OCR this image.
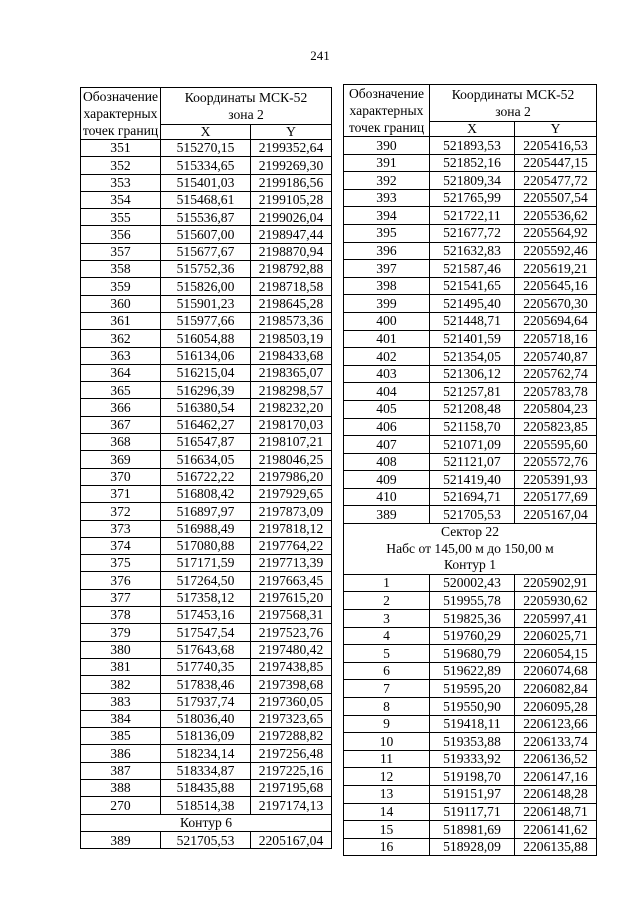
241
Обозначение
характерных
точек границ	Координаты МСК-52
зона 2	

	X	Y
351	515270,15	2199352,64
352	515334,65	2199269,30
353	515401,03	2199186,56
354	515468,61	2199105,28
355	515536,87	2199026,04
356	515607,00	2198947,44
357	515677,67	2198870,94
358	515752,36	2198792,88
359	515826,00	2198718,58
360	515901,23	2198645,28
361	515977,66	2198573,36
362	516054,88	2198503,19
363	516134,06	2198433,68
364	516215,04	2198365,07
365	516296,39	2198298,57
366	516380,54	2198232,20
367	516462,27	2198170,03
368	516547,87	2198107,21
369	516634,05	2198046,25
370	516722,22	2197986,20
371	516808,42	2197929,65
372	516897,97	2197873,09
373	516988,49	2197818,12
374	517080,88	2197764,22
375	517171,59	2197713,39
376	517264,50	2197663,45
377	517358,12	2197615,20
378	517453,16	2197568,31
379	517547,54	2197523,76
380	517643,68	2197480,42
381	517740,35	2197438,85
382	517838,46	2197398,68
383	517937,74	2197360,05
384	518036,40	2197323,65
385	518136,09	2197288,82
386	518234,14	2197256,48
387	518334,87	2197225,16
388	518435,88	2197195,68
270	518514,38	2197174,13

Контур 6		

389	521705,53	2205167,04
Обозначение
характерных
точек границ	Координаты МСК-52
зона 2	

	X	Y
390	521893,53	2205416,53
391	521852,16	2205447,15
392	521809,34	2205477,72
393	521765,99	2205507,54
394	521722,11	2205536,62
395	521677,72	2205564,92
396	521632,83	2205592,46
397	521587,46	2205619,21
398	521541,65	2205645,16
399	521495,40	2205670,30
400	521448,71	2205694,64
401	521401,59	2205718,16
402	521354,05	2205740,87
403	521306,12	2205762,74
404	521257,81	2205783,78
405	521208,48	2205804,23
406	521158,70	2205823,85
407	521071,09	2205595,60
408	521121,07	2205572,76
409	521419,40	2205391,93
410	521694,71	2205177,69
389	521705,53	2205167,04

Сектор 22
Набс от 145,00 м до 150,00 м
Контур 1		

1	520002,43	2205902,91
2	519955,78	2205930,62
3	519825,36	2205997,41
4	519760,29	2206025,71
5	519680,79	2206054,15
6	519622,89	2206074,68
7	519595,20	2206082,84
8	519550,90	2206095,28
9	519418,11	2206123,66
10	519353,88	2206133,74
11	519333,92	2206136,52
12	519198,70	2206147,16
13	519151,97	2206148,28
14	519117,71	2206148,71
15	518981,69	2206141,62
16	518928,09	2206135,88
